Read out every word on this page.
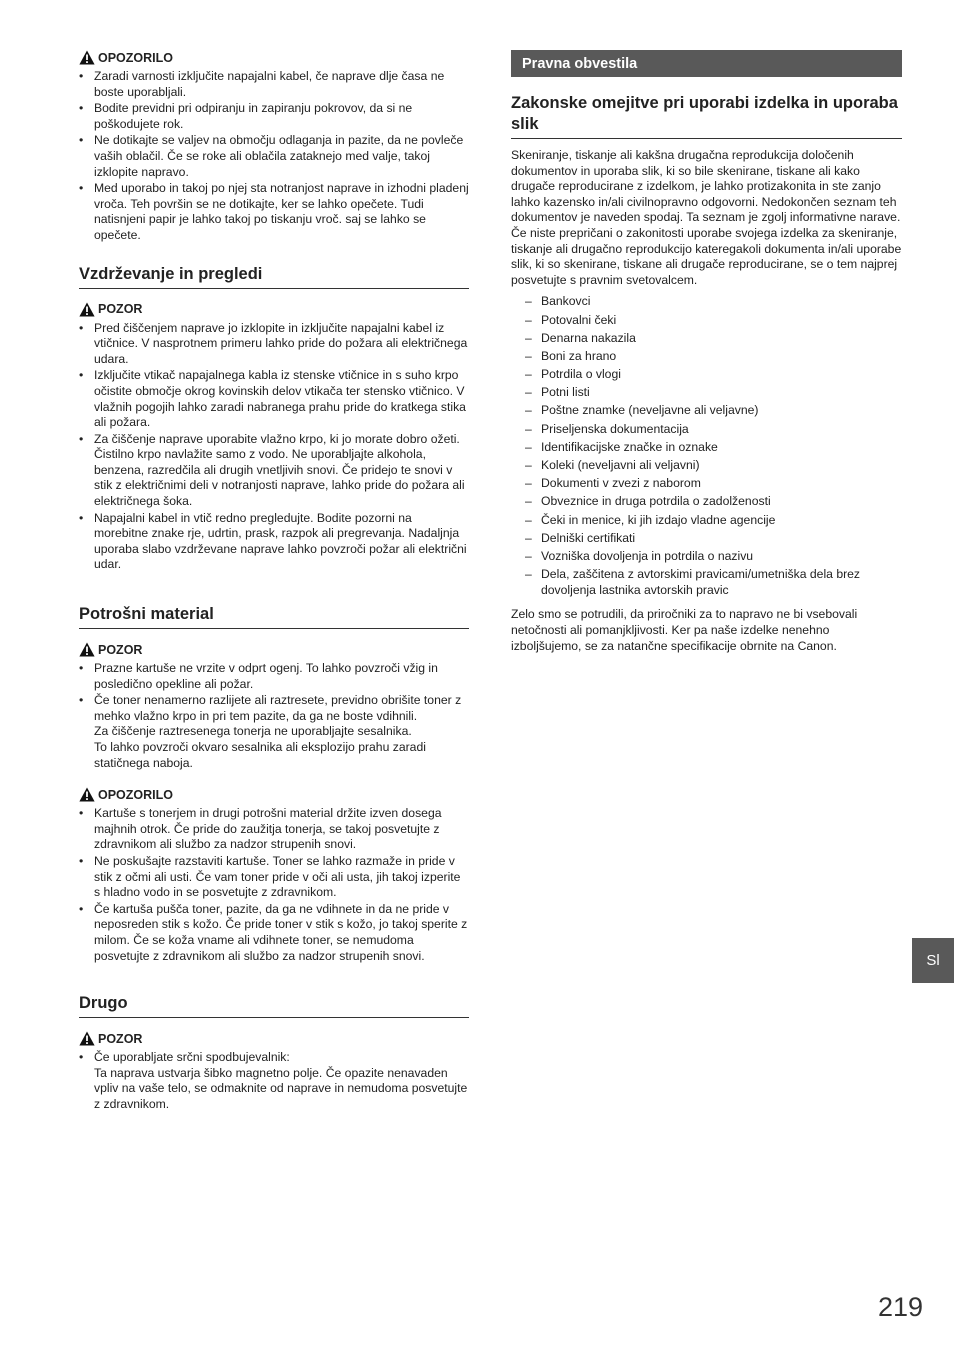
OPOZORILO
• Zaradi varnosti izključite napajalni kabel, če naprave dlje časa ne boste uporabljali.
• Bodite previdni pri odpiranju in zapiranju pokrovov, da si ne poškodujete rok.
• Ne dotikajte se valjev na območju odlaganja in pazite, da ne povleče vaših oblačil. Če se roke ali oblačila zataknejo med valje, takoj izklopite napravo.
• Med uporabo in takoj po njej sta notranjost naprave in izhodni pladenj vroča. Teh površin se ne dotikajte, ker se lahko opečete. Tudi natisnjeni papir je lahko takoj po tiskanju vroč. saj se lahko se opečete.
Vzdrževanje in pregledi
POZOR
• Pred čiščenjem naprave jo izklopite in izključite napajalni kabel iz vtičnice. V nasprotnem primeru lahko pride do požara ali električnega udara.
• Izključite vtikač napajalnega kabla iz stenske vtičnice in s suho krpo očistite območje okrog kovinskih delov vtikača ter stensko vtičnico. V vlažnih pogojih lahko zaradi nabranega prahu pride do kratkega stika ali požara.
• Za čiščenje naprave uporabite vlažno krpo, ki jo morate dobro ožeti. Čistilno krpo navlažite samo z vodo. Ne uporabljajte alkohola, benzena, razredčila ali drugih vnetljivih snovi. Če pridejo te snovi v stik z električnimi deli v notranjosti naprave, lahko pride do požara ali električnega šoka.
• Napajalni kabel in vtič redno pregledujte. Bodite pozorni na morebitne znake rje, udrtin, prask, razpok ali pregrevanja. Nadaljnja uporaba slabo vzdrževane naprave lahko povzroči požar ali električni udar.
Potrošni material
POZOR
• Prazne kartuše ne vrzite v odprt ogenj. To lahko povzroči vžig in posledično opekline ali požar.
• Če toner nenamerno razlijete ali raztresete, previdno obrišite toner z mehko vlažno krpo in pri tem pazite, da ga ne boste vdihnili.
Za čiščenje raztresenega tonerja ne uporabljajte sesalnika.
To lahko povzroči okvaro sesalnika ali eksplozijo prahu zaradi statičnega naboja.
OPOZORILO
• Kartuše s tonerjem in drugi potrošni material držite izven dosega majhnih otrok. Če pride do zaužitja tonerja, se takoj posvetujte z zdravnikom ali službo za nadzor strupenih snovi.
• Ne poskušajte razstaviti kartuše. Toner se lahko razmaže in pride v stik z očmi ali usti. Če vam toner pride v oči ali usta, jih takoj izperite s hladno vodo in se posvetujte z zdravnikom.
• Če kartuša pušča toner, pazite, da ga ne vdihnete in da ne pride v neposreden stik s kožo. Če pride toner v stik s kožo, jo takoj sperite z milom. Če se koža vname ali vdihnete toner, se nemudoma posvetujte z zdravnikom ali službo za nadzor strupenih snovi.
Drugo
POZOR
• Če uporabljate srčni spodbujevalnik:
Ta naprava ustvarja šibko magnetno polje. Če opazite nenavaden vpliv na vaše telo, se odmaknite od naprave in nemudoma posvetujte z zdravnikom.
Pravna obvestila
Zakonske omejitve pri uporabi izdelka in uporaba slik

Skeniranje, tiskanje ali kakšna drugačna reprodukcija določenih dokumentov in uporaba slik, ki so bile skenirane, tiskane ali kako drugače reproducirane z izdelkom, je lahko protizakonita in ste zanjo lahko kazensko in/ali civilnopravno odgovorni. Nedokončen seznam teh dokumentov je naveden spodaj. Ta seznam je zgolj informativne narave. Če niste prepričani o zakonitosti uporabe svojega izdelka za skeniranje, tiskanje ali drugačno reprodukcijo kateregakoli dokumenta in/ali uporabe slik, ki so skenirane, tiskane ali drugače reproducirane, se o tem najprej posvetujte s pravnim svetovalcem.

– Bankovci
– Potovalni čeki
– Denarna nakazila
– Boni za hrano
– Potrdila o vlogi
– Potni listi
– Poštne znamke (neveljavne ali veljavne)
– Priseljenska dokumentacija
– Identifikacijske značke in oznake
– Koleki (neveljavni ali veljavni)
– Dokumenti v zvezi z naborom
– Obveznice in druga potrdila o zadolženosti
– Čeki in menice, ki jih izdajo vladne agencije
– Delniški certifikati
– Vozniška dovoljenja in potrdila o nazivu
– Dela, zaščitena z avtorskimi pravicami/umetniška dela brez dovoljenja lastnika avtorskih pravic

Zelo smo se potrudili, da priročniki za to napravo ne bi vsebovali netočnosti ali pomanjkljivosti. Ker pa naše izdelke nenehno izboljšujemo, se za natančne specifikacije obrnite na Canon.

Sl
219
